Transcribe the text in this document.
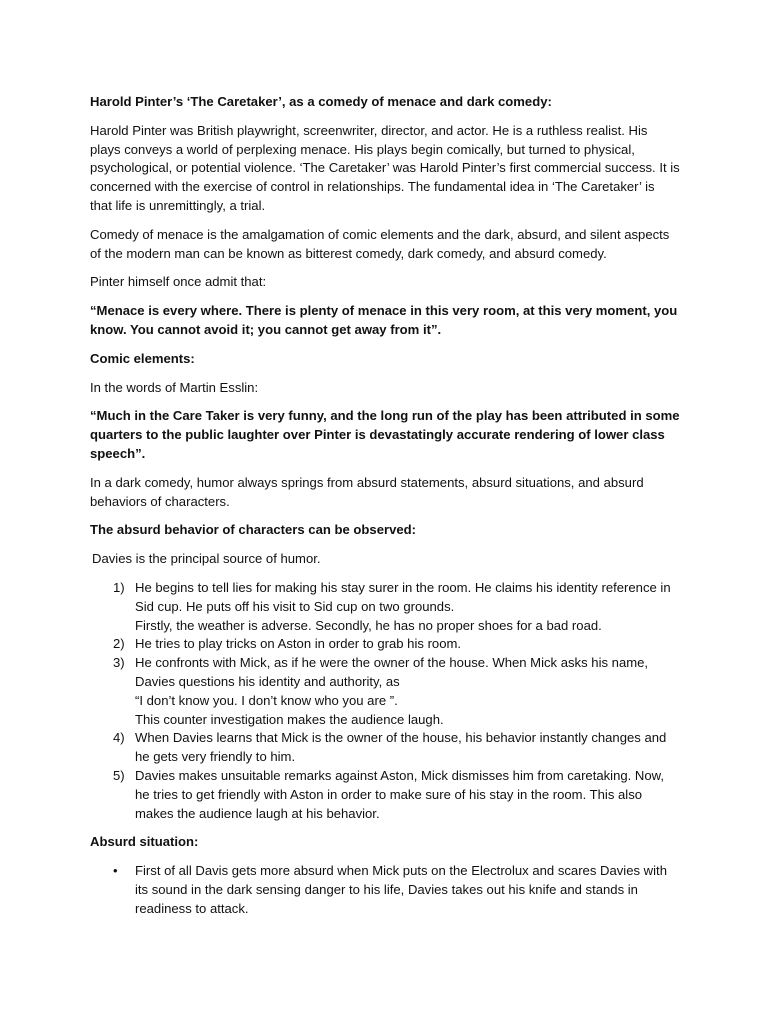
Harold Pinter’s ‘The Caretaker’, as a comedy of menace and dark comedy:

Harold Pinter was British playwright, screenwriter, director, and actor. He is a ruthless realist. His plays conveys a world of perplexing menace. His plays begin comically, but turned to physical, psychological, or potential violence. ‘The Caretaker’ was Harold Pinter’s first commercial success. It is concerned with the exercise of control in relationships. The fundamental idea in ‘The Caretaker’ is that life is unremittingly, a trial.

Comedy of menace is the amalgamation of comic elements and the dark, absurd, and silent aspects of the modern man can be known as bitterest comedy, dark comedy, and absurd comedy.

Pinter himself once admit that:

“Menace is every where. There is plenty of menace in this very room, at this very moment, you know. You cannot avoid it; you cannot get away from it”.

Comic elements:

In the words of Martin Esslin:

“Much in the Care Taker is very funny, and the long run of the play has been attributed in some quarters to the public laughter over Pinter is devastatingly accurate rendering of lower class speech”.

In a dark comedy, humor always springs from absurd statements, absurd situations, and absurd behaviors of characters.

The absurd behavior of characters can be observed:

Davies is the principal source of humor.

1) He begins to tell lies for making his stay surer in the room. He claims his identity reference in Sid cup. He puts off his visit to Sid cup on two grounds.
Firstly, the weather is adverse. Secondly, he has no proper shoes for a bad road.
2) He tries to play tricks on Aston in order to grab his room.
3) He confronts with Mick, as if he were the owner of the house. When Mick asks his name, Davies questions his identity and authority, as
“I don’t know you. I don’t know who you are ”.
This counter investigation makes the audience laugh.
4) When Davies learns that Mick is the owner of the house, his behavior instantly changes and he gets very friendly to him.
5) Davies makes unsuitable remarks against Aston, Mick dismisses him from caretaking. Now, he tries to get friendly with Aston in order to make sure of his stay in the room. This also makes the audience laugh at his behavior.

Absurd situation:

• First of all Davis gets more absurd when Mick puts on the Electrolux and scares Davies with its sound in the dark sensing danger to his life, Davies takes out his knife and stands in readiness to attack.
